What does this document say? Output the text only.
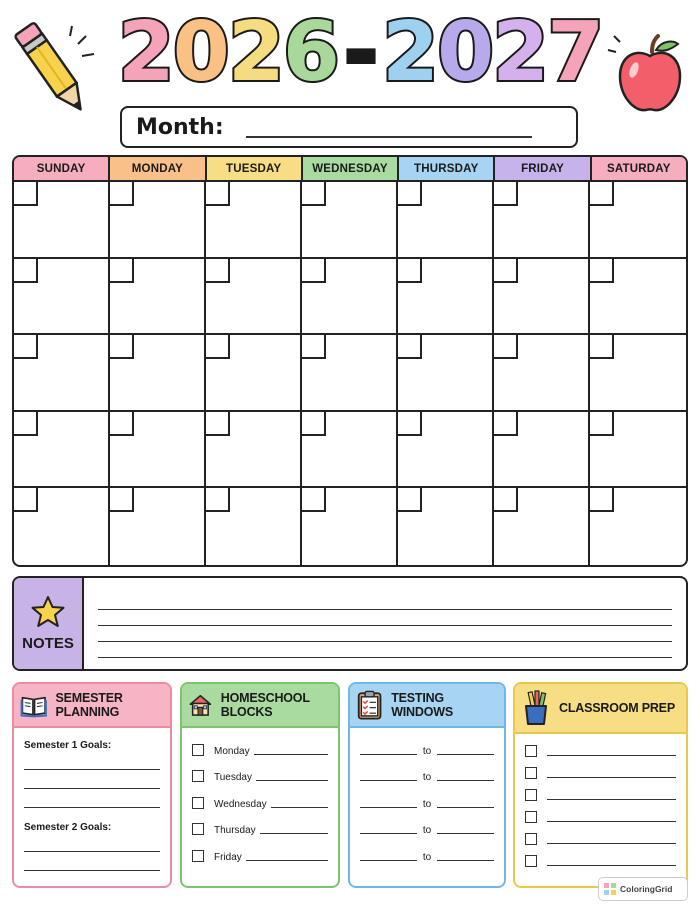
2 0 2 6 - 2 0 2 7
Month:
SUNDAY	MONDAY	TUESDAY	WEDNESDAY	THURSDAY	FRIDAY	SATURDAY
NOTES
SEMESTER PLANNING
Semester 1 Goals:
Semester 2 Goals:
HOMESCHOOL BLOCKS
Monday
Tuesday
Wednesday
Thursday
Friday
TESTING WINDOWS
to
to
to
to
to
CLASSROOM PREP
ColoringGrid
